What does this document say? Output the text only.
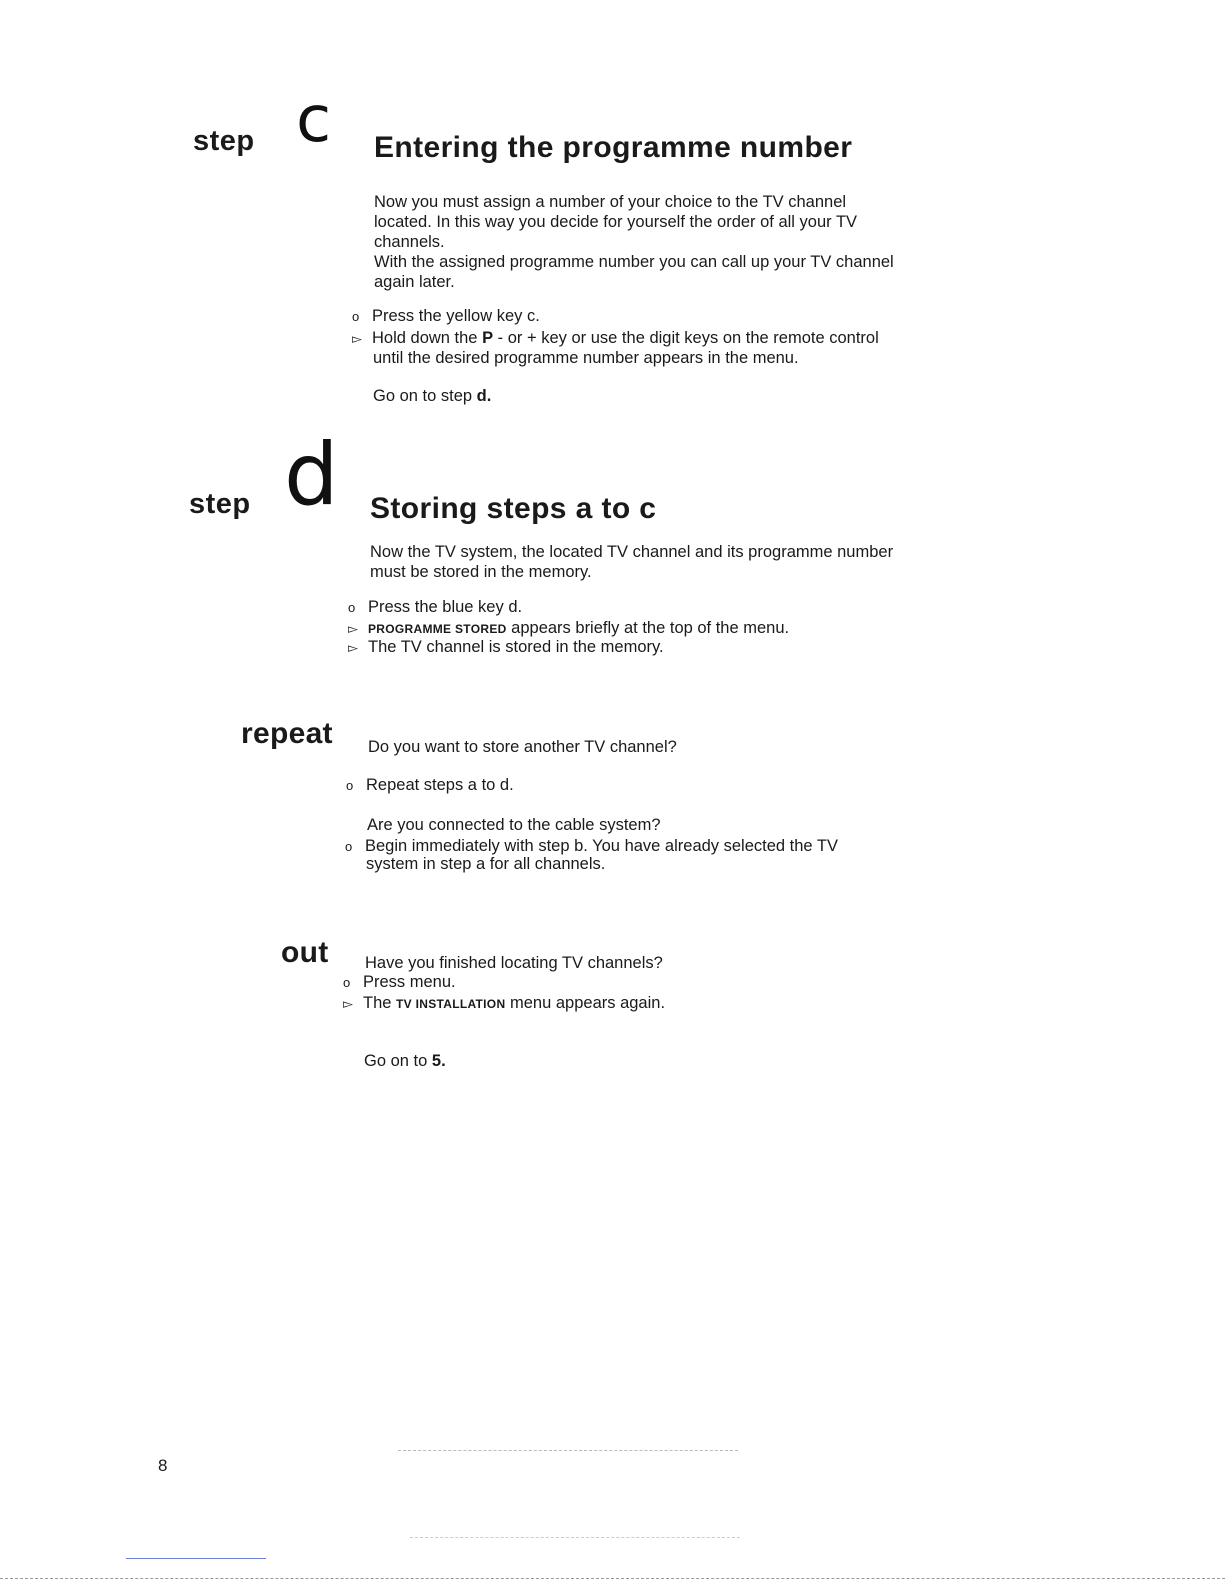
step c Entering the programme number
Now you must assign a number of your choice to the TV channel
located. In this way you decide for yourself the order of all your TV
channels.
With the assigned programme number you can call up your TV channel
again later.
o Press the yellow key c.
▻ Hold down the P - or + key or use the digit keys on the remote control
until the desired programme number appears in the menu.
Go on to step d.
step d Storing steps a to c
Now the TV system, the located TV channel and its programme number
must be stored in the memory.
o Press the blue key d.
▻ PROGRAMME STORED appears briefly at the top of the menu.
▻ The TV channel is stored in the memory.
repeat Do you want to store another TV channel?
o Repeat steps a to d.
Are you connected to the cable system?
o Begin immediately with step b. You have already selected the TV
system in step a for all channels.
out Have you finished locating TV channels?
o Press menu.
▻ The TV INSTALLATION menu appears again.
Go on to 5.
8
